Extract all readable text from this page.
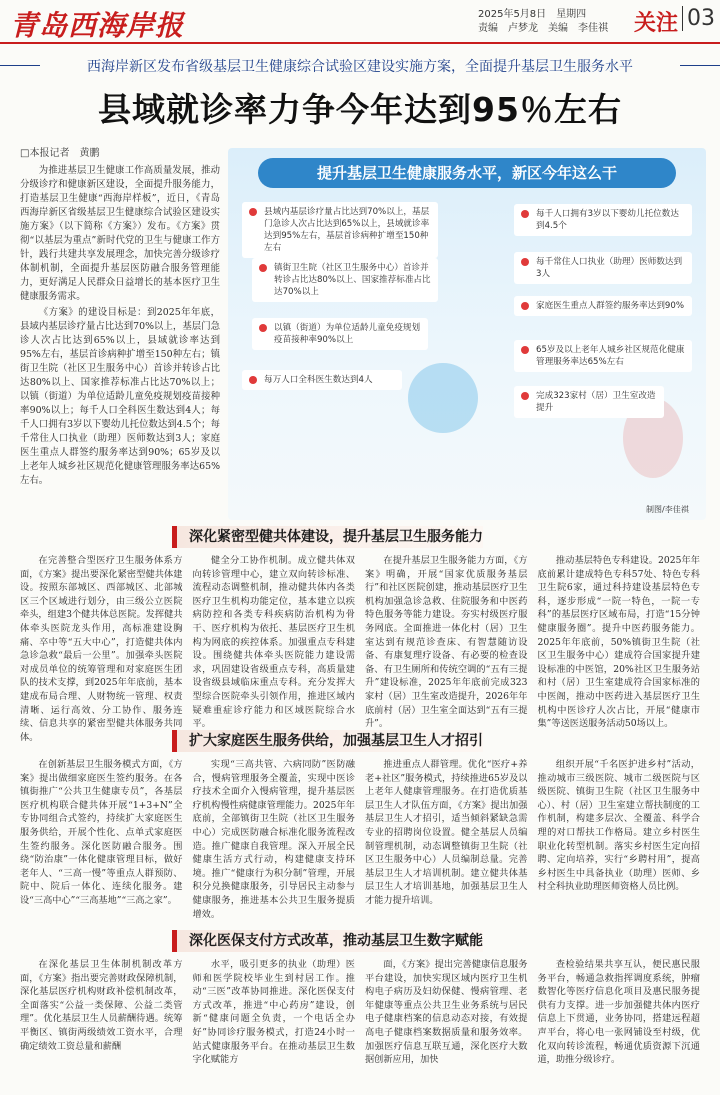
青岛西海岸报	2025年5月8日　 星期四
责编　卢梦龙　美编　李佳祺	关注 03
西海岸新区发布省级基层卫生健康综合试验区建设实施方案，全面提升基层卫生服务水平
县域就诊率力争今年达到95％左右
□本报记者　黄鹏

为推进基层卫生健康工作高质量发展，推动分级诊疗和健康新区建设，全面提升服务能力，打造基层卫生健康“西海岸样板”，近日，《青岛西海岸新区省级基层卫生健康综合试验区建设实施方案》（以下简称《方案》）发布。《方案》贯彻“以基层为重点”新时代党的卫生与健康工作方针，践行共建共享发展理念，加快完善分级诊疗体制机制，全面提升基层医防融合服务管理能力，更好满足人民群众日益增长的基本医疗卫生健康服务需求。

《方案》的建设目标是：到2025年年底，县域内基层诊疗量占比达到70%以上，基层门急诊人次占比达到65%以上，县域就诊率达到95%左右，基层首诊病种扩增至150种左右；镇街卫生院（社区卫生服务中心）首诊并转诊占比达80%以上、国家推荐标准占比达70%以上；以镇（街道）为单位适龄儿童免疫规划疫苗接种率90%以上；每千人口全科医生数达到4人；每千人口拥有3岁以下婴幼儿托位数达到4.5个；每千常住人口执业（助理）医师数达到3人；家庭医生重点人群签约服务率达到90%；65岁及以上老年人城乡社区规范化健康管理服务率达65%左右。

提升基层卫生健康服务水平，新区今年这么干
县域内基层诊疗量占比达到70%以上，基层门急诊人次占比达到65%以上，县域就诊率达到95%左右，基层首诊病种扩增至150种左右
镇街卫生院（社区卫生服务中心）首诊并转诊占比达80%以上、国家推荐标准占比达70%以上
以镇（街道）为单位适龄儿童免疫规划疫苗接种率90%以上
每万人口全科医生数达到4人
每千人口拥有3岁以下婴幼儿托位数达到4.5个
每千常住人口执业（助理）医师数达到3人
家庭医生重点人群签约服务率达到90%
65岁及以上老年人城乡社区规范化健康管理服务率达65%左右
完成323家村（居）卫生室改造提升
制图/李佳祺
深化紧密型健共体建设，提升基层卫生服务能力

在完善整合型医疗卫生服务体系方面，《方案》提出要深化紧密型健共体建设。按照东部城区、西部城区、北部城区三个区域进行划分，由三级公立医院牵头，组建3个健共体总医院。发挥健共体牵头医院龙头作用，高标准建设胸痛、卒中等“五大中心”，打造健共体内急诊急救“最后一公里”。加强牵头医院对成员单位的统筹管理和对家庭医生团队的技术支撑，到2025年年底前，基本建成布局合理、人财物统一管理、权责清晰、运行高效、分工协作、服务连续、信息共享的紧密型健共体服务共同体。

健全分工协作机制。成立健共体双向转诊管理中心，建立双向转诊标准、流程动态调整机制，推动健共体内各类医疗卫生机构功能定位，基本建立以疾病防控和各类专科疾病防治机构为骨干、医疗机构为依托、基层医疗卫生机构为网底的疾控体系。加强重点专科建设。围绕健共体牵头医院能力建设需求，巩固建设省级重点专科，高质量建设省级县域临床重点专科。充分发挥大型综合医院牵头引领作用，推进区域内疑难重症诊疗能力和区域医院综合水平。

在提升基层卫生服务能力方面，《方案》明确，开展“国家优质服务基层行”和社区医院创建，推动基层医疗卫生机构加强急诊急救、住院服务和中医药特色服务等能力建设。夯实村级医疗服务网底。全面推进一体化村（居）卫生室达到有规范诊查床、有智慧随访设备、有康复理疗设备、有必要的检查设备、有卫生厕所和传统空调的“五有三提升”建设标准，2025年年底前完成323家村（居）卫生室改造提升，2026年年底前村（居）卫生室全面达到“五有三提升”。

推动基层特色专科建设。2025年年底前累计建成特色专科57处、特色专科卫生院6家，通过科持建设基层特色专科，逐步形成“一院一特色，一院一专科”的基层医疗区域布局，打造“15分钟健康服务圈”。提升中医药服务能力。2025年年底前，50%镇街卫生院（社区卫生服务中心）建成符合国家提升建设标准的中医馆，20%社区卫生服务站和村（居）卫生室建成符合国家标准的中医阁，推动中医药进入基层医疗卫生机构中医诊疗人次占比，开展“健康市集”等送医送服务活动50场以上。

扩大家庭医生服务供给，加强基层卫生人才招引

在创新基层卫生服务模式方面，《方案》提出做细家庭医生签约服务。在各镇街推广“公共卫生健康专员”，各基层医疗机构联合健共体开展“1+3+N”全专协同组合式签约，持续扩大家庭医生服务供给，开展个性化、点单式家庭医生签约服务。深化医防融合服务。围绕“防治康”一体化健康管理目标，做好老年人、“三高一慢”等重点人群预防、院中、院后一体化、连续化服务。建设“三高中心”“三高基地”“三高之家”。

实现“三高共管、六病同防”医防融合，慢病管理服务全覆盖，实现中医诊疗技术全面介入慢病管理，提升基层医疗机构慢性病健康管理能力。2025年年底前，全部镇街卫生院（社区卫生服务中心）完成医防融合标准化服务流程改造。推广健康自我管理。深入开展全民健康生活方式行动，构建健康支持环境。推广“健康行为积分制”管理，开展积分兑换健康服务，引导居民主动参与健康服务，推进基本公共卫生服务提质增效。

推进重点人群管理。优化“医疗+养老+社区”服务模式，持续推进65岁及以上老年人健康管理服务。在打造优质基层卫生人才队伍方面，《方案》提出加强基层卫生人才招引，适当倾斜紧缺急需专业的招聘岗位设置。健全基层人员编制管理机制，动态调整镇街卫生院（社区卫生服务中心）人员编制总量。完善基层卫生人才培训机制。建立健共体基层卫生人才培训基地，加强基层卫生人才能力提升培训。

组织开展“千名医护进乡村”活动，推动城市三级医院、城市二级医院与区级医院、镇街卫生院（社区卫生服务中心）、村（居）卫生室建立帮扶制度的工作机制，构建多层次、全覆盖、科学合理的对口帮扶工作格局。建立乡村医生职业化转型机制。落实乡村医生定向招聘、定向培养，实行“乡聘村用”，提高乡村医生中具备执业（助理）医师、乡村全科执业助理医师资格人员比例。

深化医保支付方式改革，推动基层卫生数字赋能

在深化基层卫生体制机制改革方面，《方案》指出要完善财政保障机制，深化基层医疗机构财政补偿机制改革，全面落实“公益一类保障、公益二类管理”。优化基层卫生人员薪酬待遇。统筹平衡区、镇街两级绩效工资水平，合理确定绩效工资总量和薪酬

水平，吸引更多的执业（助理）医师和医学院校毕业生到村居工作。推动“三医”改革协同推进。深化医保支付方式改革，推进“中心药房”建设，创新“健康问题全负责，一个电话全办好”协同诊疗服务模式，打造24小时一站式健康服务平台。在推动基层卫生数字化赋能方

面，《方案》提出完善健康信息服务平台建设，加快实现区域内医疗卫生机构电子病历及妇幼保健、慢病管理、老年健康等重点公共卫生业务系统与居民电子健康档案的信息动态对接，有效提高电子健康档案数据质量和服务效率。加强医疗信息互联互通，深化医疗大数据创新应用，加快

查检验结果共享互认，便民惠民服务平台，畅通急救指挥调度系统，肿瘤数智化等医疗信息化项目及惠民服务提供有力支撑。进一步加强健共体内医疗信息上下贯通，业务协同，搭建远程超声平台，将心电一张网铺设至村级，优化双向转诊流程，畅通优质资源下沉通道，助推分级诊疗。
